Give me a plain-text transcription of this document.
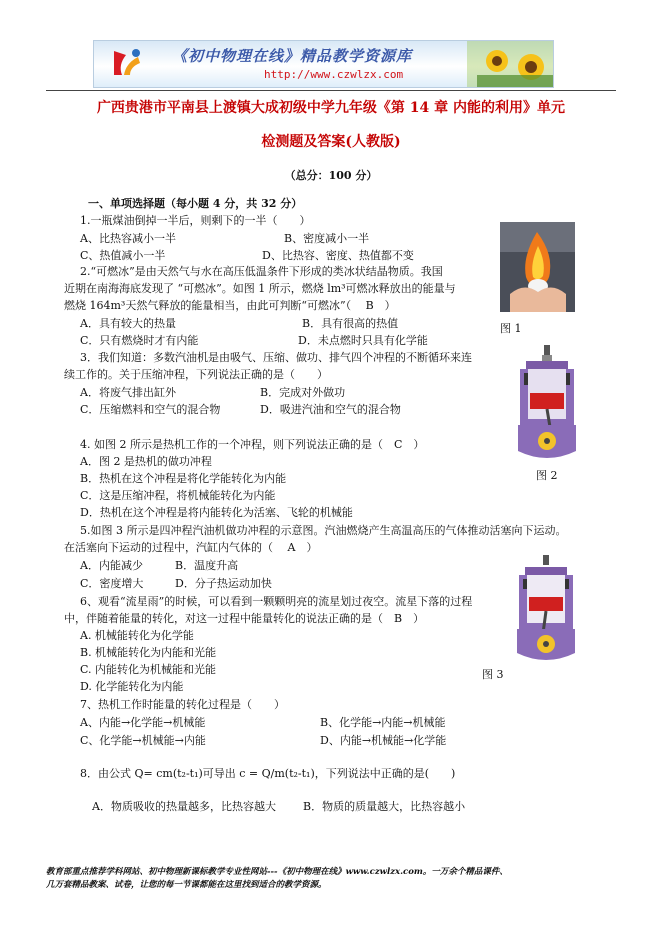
《初中物理在线》精品教学资源库
http://www.czwlzx.com
广西贵港市平南县上渡镇大成初级中学九年级《第 14 章 内能的利用》单元
检测题及答案(人教版)
（总分：100 分）
一、单项选择题（每小题 4 分，共 32 分）
1.一瓶煤油倒掉一半后，则剩下的一半（　　）
A、比热容减小一半	B、密度减小一半
C、热值减小一半	D、比热容、密度、热值都不变
2.“可燃冰”是由天然气与水在高压低温条件下形成的类冰状结晶物质。我国
近期在南海海底发现了 “可燃冰”。如图 1 所示，燃烧 lm³可燃冰释放出的能量与
燃烧 164m³天然气释放的能量相当，由此可判断“可燃冰”（　 B　）
A．具有较大的热量	B．具有很高的热值
C．只有燃烧时才有内能	D．未点燃时只具有化学能
3．我们知道：多数汽油机是由吸气、压缩、做功、排气四个冲程的不断循环来连
续工作的。关于压缩冲程，下列说法正确的是（　　）
A．将废气排出缸外	B．完成对外做功
C．压缩燃料和空气的混合物	D．吸进汽油和空气的混合物
4. 如图 2 所示是热机工作的一个冲程，则下列说法正确的是（　C　）
A．图 2 是热机的做功冲程
B．热机在这个冲程是将化学能转化为内能
C．这是压缩冲程，将机械能转化为内能
D．热机在这个冲程是将内能转化为活塞、飞轮的机械能
5.如图 3 所示是四冲程汽油机做功冲程的示意图。汽油燃烧产生高温高压的气体推动活塞向下运动。
在活塞向下运动的过程中，汽缸内气体的（　 A　）
A．内能减少	B．温度升高
C．密度增大	D．分子热运动加快
6、观看“流星雨”的时候，可以看到一颗颗明亮的流星划过夜空。流星下落的过程
中，伴随着能量的转化，对这一过程中能量转化的说法正确的是（　B　）
A. 机械能转化为化学能
B. 机械能转化为内能和光能
C. 内能转化为机械能和光能
D. 化学能转化为内能
7、热机工作时能量的转化过程是（　　）
A、内能→化学能→机械能	B、化学能→内能→机械能
C、化学能→机械能→内能	D、内能→机械能→化学能
8．由公式 Q= cm(t₂-t₁)可导出 c = Q/m(t₂-t₁)，下列说法中正确的是(　　)
A．物质吸收的热量越多，比热容越大 B．物质的质量越大，比热容越小
图 1
图 2
图 3
教育部重点推荐学科网站、初中物理新课标教学专业性网站---《初中物理在线》www.czwlzx.com。一万余个精品课件、
几万套精品教案、试卷，让您的每一节课都能在这里找到适合的教学资源。
